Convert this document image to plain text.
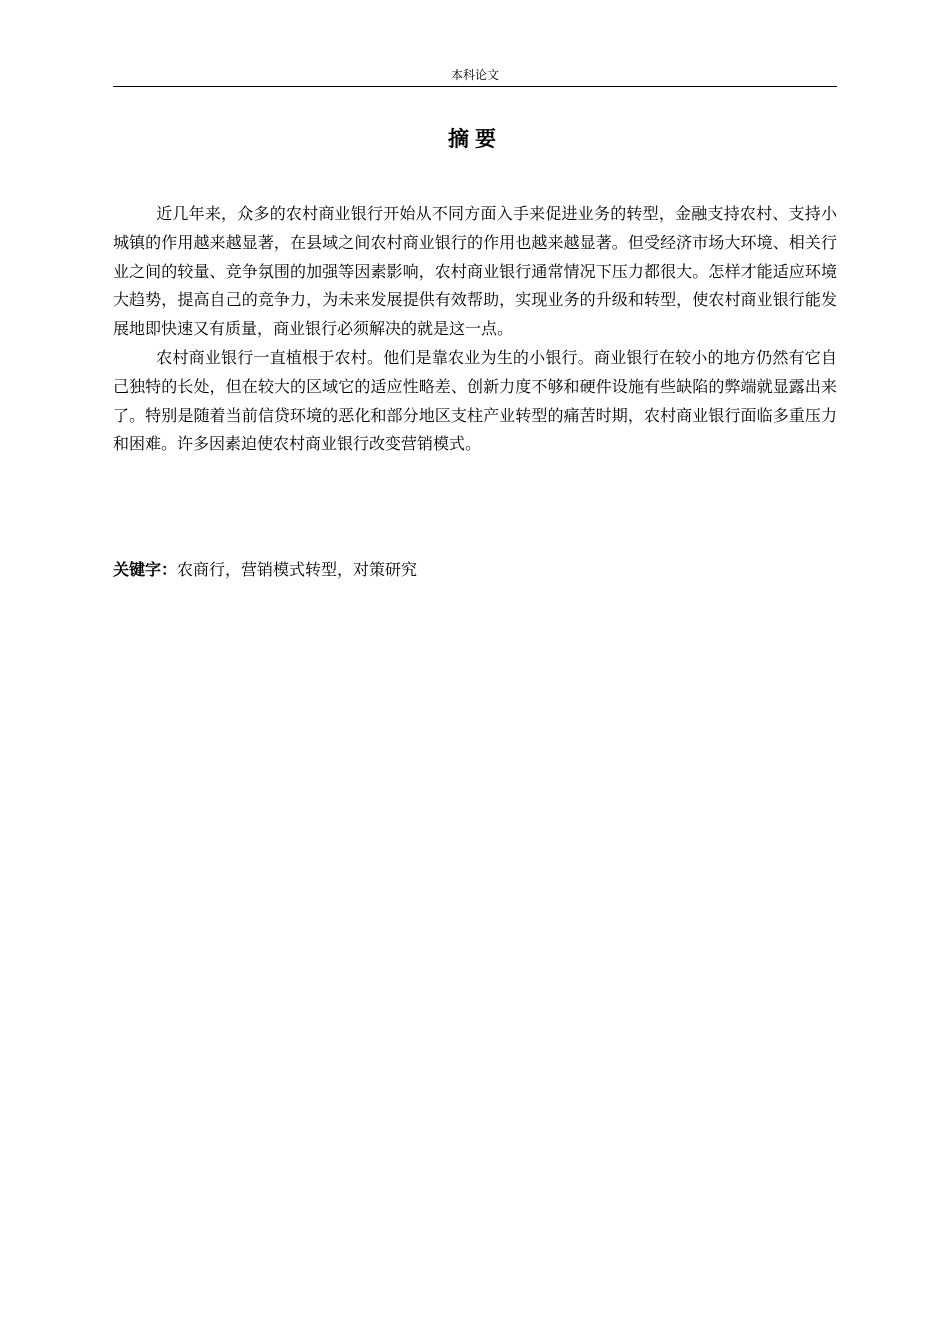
本科论文
摘要

近几年来，众多的农村商业银行开始从不同方面入手来促进业务的转型，金融支持农村、支持小城镇的作用越来越显著，在县域之间农村商业银行的作用也越来越显著。但受经济市场大环境、相关行业之间的较量、竞争氛围的加强等因素影响，农村商业银行通常情况下压力都很大。怎样才能适应环境大趋势，提高自己的竞争力，为未来发展提供有效帮助，实现业务的升级和转型，使农村商业银行能发展地即快速又有质量，商业银行必须解决的就是这一点。

农村商业银行一直植根于农村。他们是靠农业为生的小银行。商业银行在较小的地方仍然有它自己独特的长处，但在较大的区域它的适应性略差、创新力度不够和硬件设施有些缺陷的弊端就显露出来了。特别是随着当前信贷环境的恶化和部分地区支柱产业转型的痛苦时期，农村商业银行面临多重压力和困难。许多因素迫使农村商业银行改变营销模式。

关键字：农商行，营销模式转型，对策研究
